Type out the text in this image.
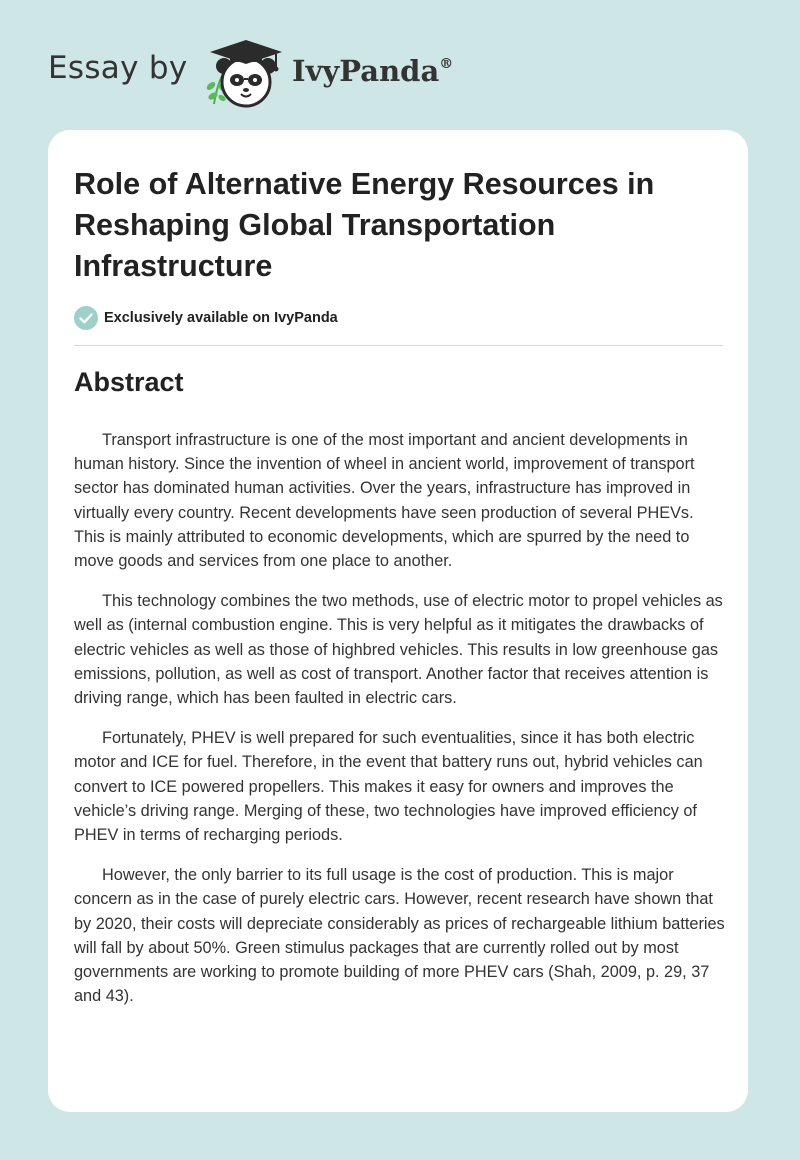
Essay by	IvyPanda®
Role of Alternative Energy Resources in Reshaping Global Transportation Infrastructure
Exclusively available on IvyPanda
Abstract

Transport infrastructure is one of the most important and ancient developments in human history. Since the invention of wheel in ancient world, improvement of transport sector has dominated human activities. Over the years, infrastructure has improved in virtually every country. Recent developments have seen production of several PHEVs. This is mainly attributed to economic developments, which are spurred by the need to move goods and services from one place to another.

This technology combines the two methods, use of electric motor to propel vehicles as well as (internal combustion engine. This is very helpful as it mitigates the drawbacks of electric vehicles as well as those of highbred vehicles. This results in low greenhouse gas emissions, pollution, as well as cost of transport. Another factor that receives attention is driving range, which has been faulted in electric cars.

Fortunately, PHEV is well prepared for such eventualities, since it has both electric motor and ICE for fuel. Therefore, in the event that battery runs out, hybrid vehicles can convert to ICE powered propellers. This makes it easy for owners and improves the vehicle’s driving range. Merging of these, two technologies have improved efficiency of PHEV in terms of recharging periods.

However, the only barrier to its full usage is the cost of production. This is major concern as in the case of purely electric cars. However, recent research have shown that by 2020, their costs will depreciate considerably as prices of rechargeable lithium batteries will fall by about 50%. Green stimulus packages that are currently rolled out by most governments are working to promote building of more PHEV cars (Shah, 2009, p. 29, 37 and 43).
